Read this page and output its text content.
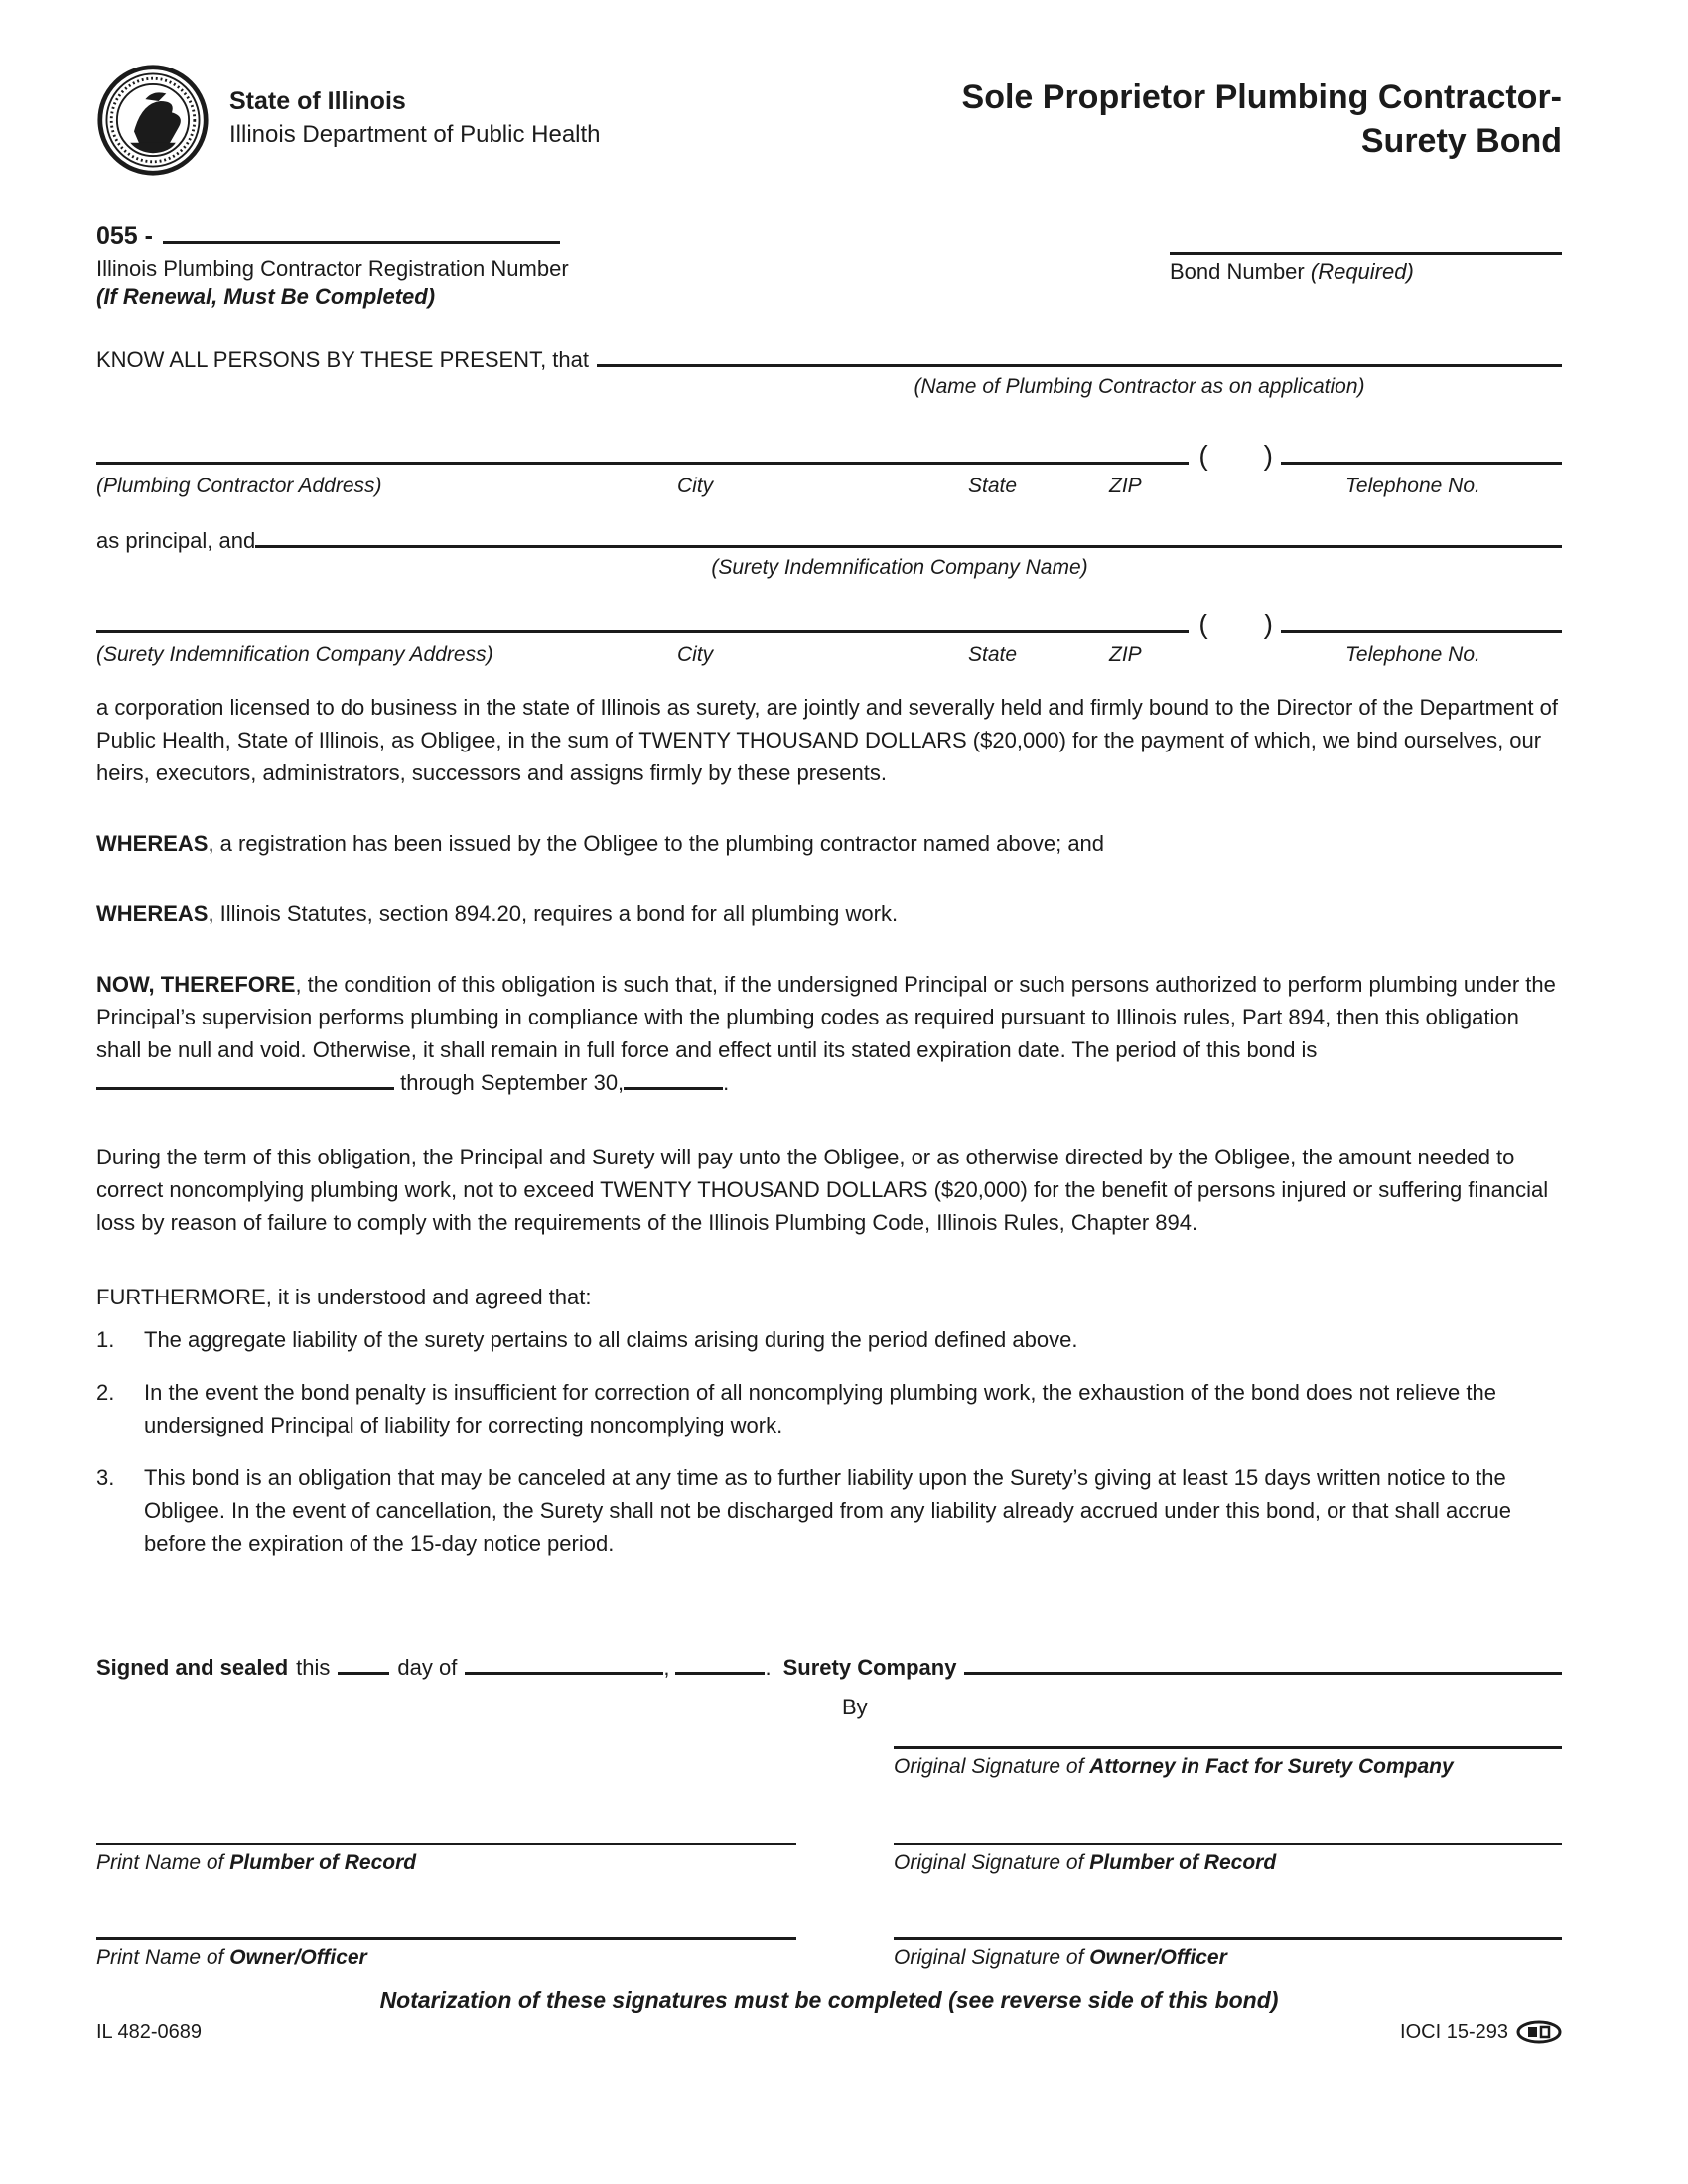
State of Illinois
Illinois Department of Public Health
Sole Proprietor Plumbing Contractor-
Surety Bond
055 -
Illinois Plumbing Contractor Registration Number
(If Renewal, Must Be Completed)
Bond Number (Required)
KNOW ALL PERSONS BY THESE PRESENT, that
(Name of Plumbing Contractor as on application)
( )
(Plumbing Contractor Address)	City	State	ZIP	Telephone No.
as principal, and
(Surety Indemnification Company Name)
( )
(Surety Indemnification Company Address)	City	State	ZIP	Telephone No.

a corporation licensed to do business in the state of Illinois as surety, are jointly and severally held and firmly bound to the Director of the Department of Public Health, State of Illinois, as Obligee, in the sum of TWENTY THOUSAND DOLLARS ($20,000) for the payment of which, we bind ourselves, our heirs, executors, administrators, successors and assigns firmly by these presents.

WHEREAS, a registration has been issued by the Obligee to the plumbing contractor named above; and

WHEREAS, Illinois Statutes, section 894.20, requires a bond for all plumbing work.

NOW, THEREFORE, the condition of this obligation is such that, if the undersigned Principal or such persons authorized to perform plumbing under the Principal’s supervision performs plumbing in compliance with the plumbing codes as required pursuant to Illinois rules, Part 894, then this obligation shall be null and void. Otherwise, it shall remain in full force and effect until its stated expiration date. The period of this bond is  through September 30,	.

During the term of this obligation, the Principal and Surety will pay unto the Obligee, or as otherwise directed by the Obligee, the amount needed to correct noncomplying plumbing work, not to exceed TWENTY THOUSAND DOLLARS ($20,000) for the benefit of persons injured or suffering financial loss by reason of failure to comply with the requirements of the Illinois Plumbing Code, Illinois Rules, Chapter 894.

FURTHERMORE, it is understood and agreed that:

1.	The aggregate liability of the surety pertains to all claims arising during the period defined above.
2.	In the event the bond penalty is insufficient for correction of all noncomplying plumbing work, the exhaustion of the bond does not relieve the undersigned Principal of liability for correcting noncomplying work.
3.	This bond is an obligation that may be canceled at any time as to further liability upon the Surety’s giving at least 15 days written notice to the Obligee. In the event of cancellation, the Surety shall not be discharged from any liability already accrued under this bond, or that shall accrue before the expiration of the 15-day notice period.
Signed and sealed this	day of	,	. Surety Company
By
Original Signature of Attorney in Fact for Surety Company
Print Name of Plumber of Record	Original Signature of Plumber of Record
Print Name of Owner/Officer	Original Signature of Owner/Officer
Notarization of these signatures must be completed (see reverse side of this bond)
IL 482-0689	IOCI 15-293
